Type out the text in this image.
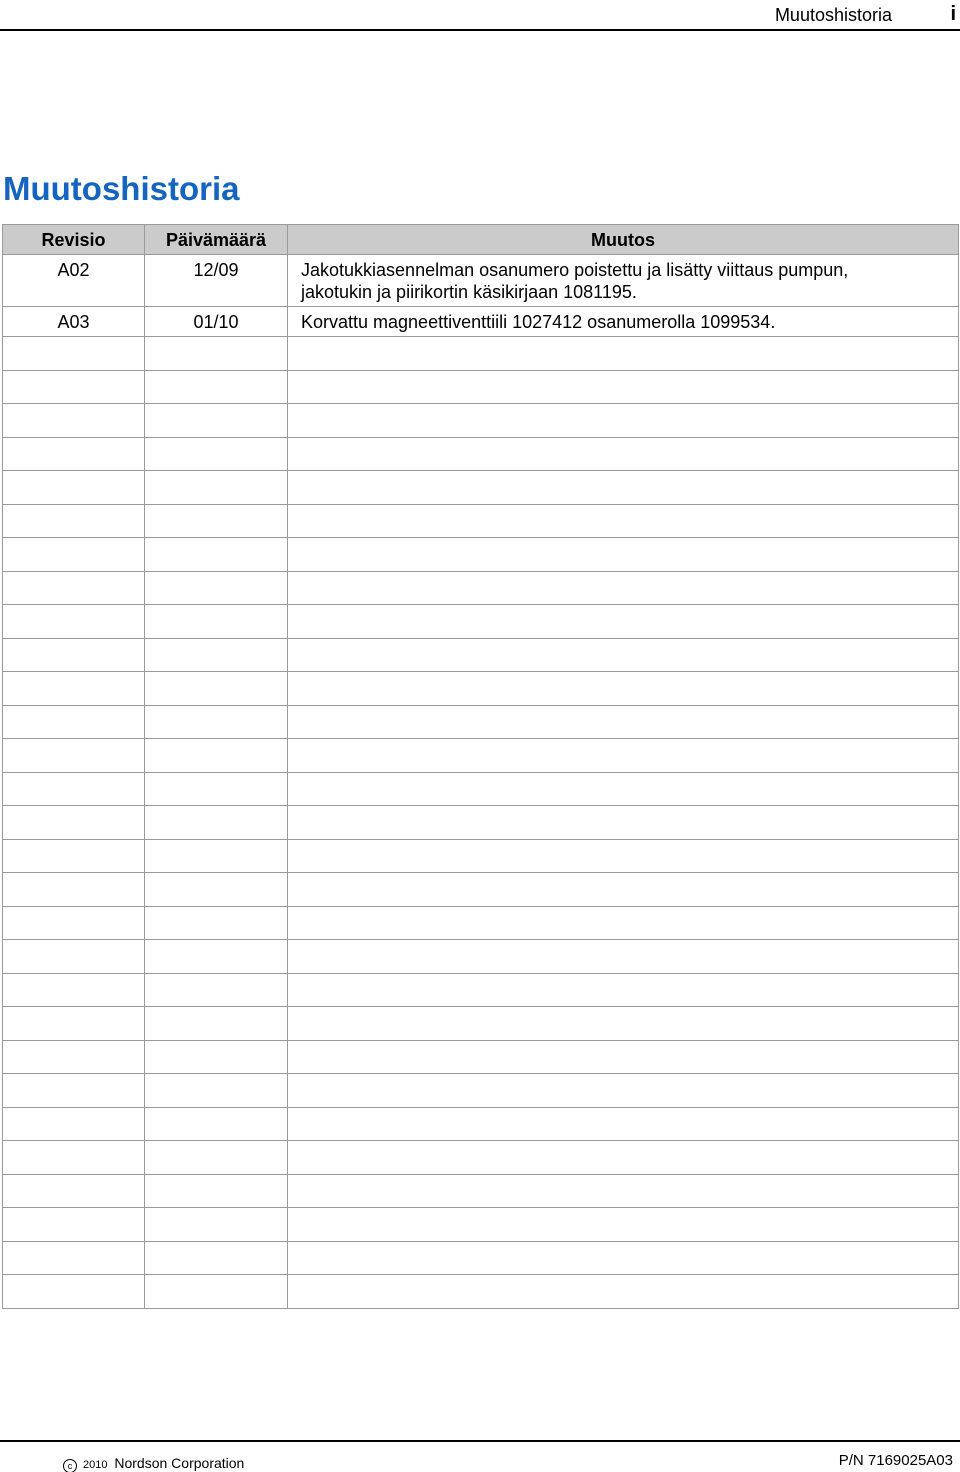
Muutoshistoria	i
Muutoshistoria
Revisio	Päivämäärä	Muutos
A02	12/09	Jakotukkiasennelman osanumero poistettu ja lisätty viittaus pumpun,
jakotukin ja piirikortin käsikirjaan 1081195.

A03	01/10	Korvattu magneettiventtiili 1027412 osanumerolla 1099534.

c 2010 Nordson Corporation	P/N 7169025A03
